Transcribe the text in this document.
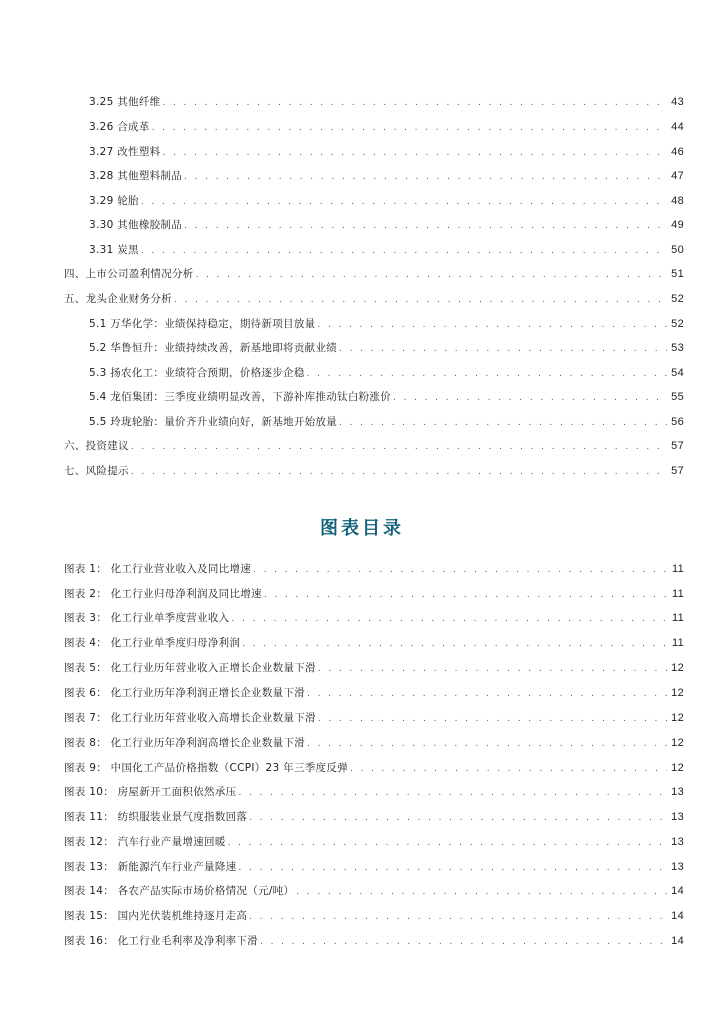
3.25 其他纤维 . . .	43
3.26 合成革 . . .	44
3.27 改性塑料 . . .	46
3.28 其他塑料制品 . . .	47
3.29 轮胎 . . .	48
3.30 其他橡胶制品 . . .	49
3.31 炭黑 . . .	50
四、上市公司盈利情况分析 . . .	51
五、龙头企业财务分析 . . .	52
5.1 万华化学：业绩保持稳定，期待新项目放量 . . .	52
5.2 华鲁恒升：业绩持续改善，新基地即将贡献业绩 . . .	53
5.3 扬农化工：业绩符合预期，价格逐步企稳 . . .	54
5.4 龙佰集团：三季度业绩明显改善，下游补库推动钛白粉涨价 . . .	55
5.5 玲珑轮胎：量价齐升业绩向好，新基地开始放量 . . .	56
六、投资建议 . . .	57
七、风险提示 . . .	57
图表目录
图表 1： 化工行业营业收入及同比增速 . . .	11
图表 2： 化工行业归母净利润及同比增速 . . .	11
图表 3： 化工行业单季度营业收入 . . .	11
图表 4： 化工行业单季度归母净利润 . . .	11
图表 5： 化工行业历年营业收入正增长企业数量下滑 . . .	12
图表 6： 化工行业历年净利润正增长企业数量下滑 . . .	12
图表 7： 化工行业历年营业收入高增长企业数量下滑 . . .	12
图表 8： 化工行业历年净利润高增长企业数量下滑 . . .	12
图表 9： 中国化工产品价格指数（CCPI）23 年三季度反弹 . . .	12
图表 10： 房屋新开工面积依然承压 . . .	13
图表 11： 纺织服装业景气度指数回落 . . .	13
图表 12： 汽车行业产量增速回暖 . . .	13
图表 13： 新能源汽车行业产量降速 . . .	13
图表 14： 各农产品实际市场价格情况（元/吨） . . .	14
图表 15： 国内光伏装机维持逐月走高 . . .	14
图表 16： 化工行业毛利率及净利率下滑 . . .	14
